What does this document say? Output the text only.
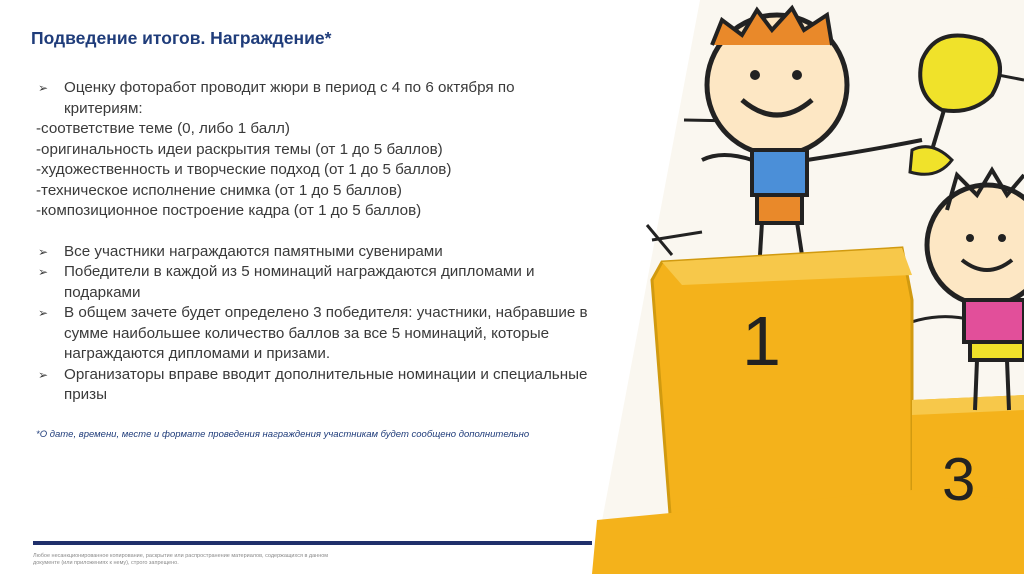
Подведение итогов. Награждение*
➢	Оценку фоторабот проводит жюри в период с 4 по 6 октября по критериям:
-соответствие теме (0, либо 1 балл)
-оригинальность идеи раскрытия темы (от 1 до 5 баллов)
-художественность и творческие подход (от 1 до 5 баллов)
-техническое исполнение снимка (от 1 до 5 баллов)
-композиционное построение кадра (от 1 до 5 баллов)
➢	Все участники награждаются памятными сувенирами
➢	Победители в каждой из 5 номинаций награждаются дипломами и подарками
➢	В общем зачете будет определено 3 победителя: участники, набравшие в сумме наибольшее количество баллов за все 5 номинаций, которые награждаются дипломами и призами.
➢	Организаторы вправе вводит дополнительные номинации и специальные призы
*О дате, времени, месте и формате проведения награждения участникам будет сообщено дополнительно
Любое несанкционированное копирование, раскрытие или распространение материалов, содержащихся в данном документе (или приложениях к нему), строго запрещено.
1
3
